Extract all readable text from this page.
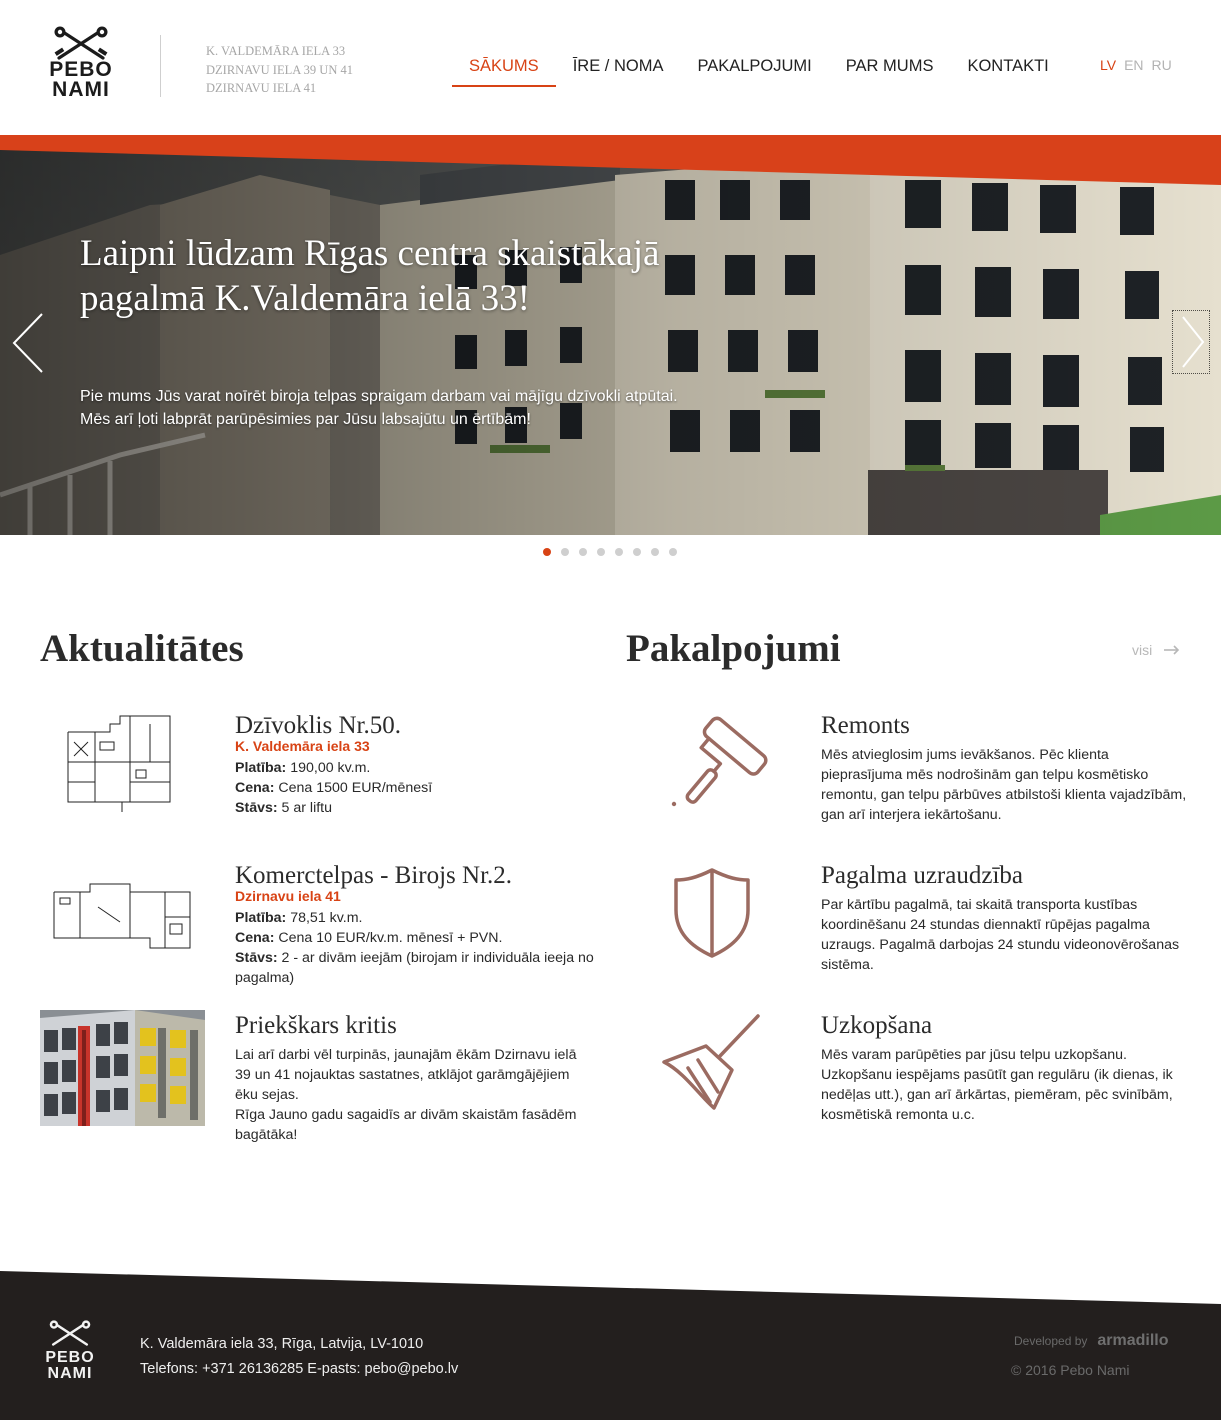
PEBO
NAMI
K. VALDEMĀRA IELA 33
DZIRNAVU IELA 39 UN 41
DZIRNAVU IELA 41
SĀKUMS	ĪRE / NOMA	PAKALPOJUMI	PAR MUMS	KONTAKTI	LV EN RU
Laipni lūdzam Rīgas centra skaistākajā pagalmā K.Valdemāra ielā 33!
Pie mums Jūs varat noīrēt biroja telpas spraigam darbam vai mājīgu dzīvokli atpūtai. Mēs arī ļoti labprāt parūpēsimies par Jūsu labsajūtu un ērtībām!
Aktualitātes
Dzīvoklis Nr.50.
K. Valdemāra iela 33

Platība: 190,00 kv.m.

Cena: Cena 1500 EUR/mēnesī

Stāvs: 5 ar liftu

Komerctelpas - Birojs Nr.2.
Dzirnavu iela 41

Platība: 78,51 kv.m.

Cena: Cena 10 EUR/kv.m. mēnesī + PVN.

Stāvs: 2 - ar divām ieejām (birojam ir individuāla ieeja no pagalma)

Priekškars kritis

Lai arī darbi vēl turpinās, jaunajām ēkām Dzirnavu ielā 39 un 41 nojauktas sastatnes, atklājot garāmgājējiem ēku sejas.

Rīga Jauno gadu sagaidīs ar divām skaistām fasādēm bagātāka!

Pakalpojumi	visi
Remonts
Mēs atvieglosim jums ievākšanos. Pēc klienta pieprasījuma mēs nodrošinām gan telpu kosmētisko remontu, gan telpu pārbūves atbilstoši klienta vajadzībām, gan arī interjera iekārtošanu.
Pagalma uzraudzība
Par kārtību pagalmā, tai skaitā transporta kustības koordinēšanu 24 stundas diennaktī rūpējas pagalma uzraugs. Pagalmā darbojas 24 stundu videonovērošanas sistēma.
Uzkopšana
Mēs varam parūpēties par jūsu telpu uzkopšanu. Uzkopšanu iespējams pasūtīt gan regulāru (ik dienas, ik nedēļas utt.), gan arī ārkārtas, piemēram, pēc svinībām, kosmētiskā remonta u.c.
PEBO
NAMI
K. Valdemāra iela 33, Rīga, Latvija, LV-1010
Telefons: +371 26136285 E-pasts: pebo@pebo.lv
Developed by armadillo
© 2016 Pebo Nami
